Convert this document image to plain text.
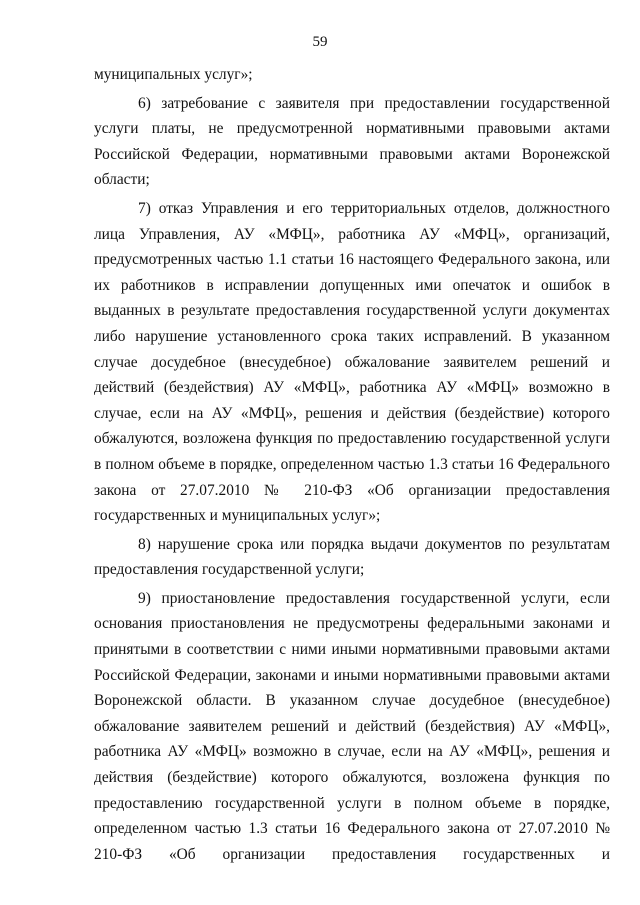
59

муниципальных услуг»;

6) затребование с заявителя при предоставлении государственной услуги платы, не предусмотренной нормативными правовыми актами Российской Федерации, нормативными правовыми актами Воронежской области;

7) отказ Управления и его территориальных отделов, должностного лица Управления, АУ «МФЦ», работника АУ «МФЦ», организаций, предусмотренных частью 1.1 статьи 16 настоящего Федерального закона, или их работников в исправлении допущенных ими опечаток и ошибок в выданных в результате предоставления государственной услуги документах либо нарушение установленного срока таких исправлений. В указанном случае досудебное (внесудебное) обжалование заявителем решений и действий (бездействия) АУ «МФЦ», работника АУ «МФЦ» возможно в случае, если на АУ «МФЦ», решения и действия (бездействие) которого обжалуются, возложена функция по предоставлению государственной услуги в полном объеме в порядке, определенном частью 1.3 статьи 16 Федерального закона от 27.07.2010 № 210-ФЗ «Об организации предоставления государственных и муниципальных услуг»;

8) нарушение срока или порядка выдачи документов по результатам предоставления государственной услуги;

9) приостановление предоставления государственной услуги, если основания приостановления не предусмотрены федеральными законами и принятыми в соответствии с ними иными нормативными правовыми актами Российской Федерации, законами и иными нормативными правовыми актами Воронежской области. В указанном случае досудебное (внесудебное) обжалование заявителем решений и действий (бездействия) АУ «МФЦ», работника АУ «МФЦ» возможно в случае, если на АУ «МФЦ», решения и действия (бездействие) которого обжалуются, возложена функция по предоставлению государственной услуги в полном объеме в порядке, определенном частью 1.3 статьи 16 Федерального закона от 27.07.2010 № 210-ФЗ «Об организации предоставления государственных и
